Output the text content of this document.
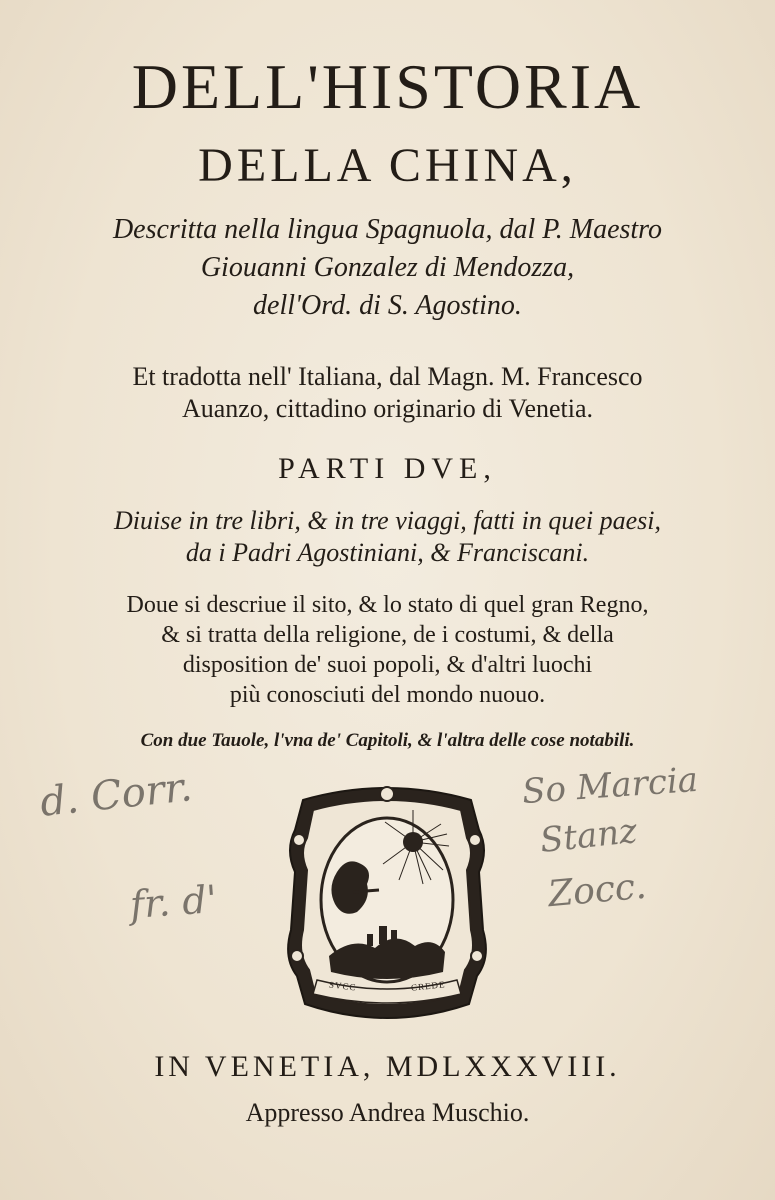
DELL'HISTORIA
DELLA CHINA,
Descritta nella lingua Spagnuola, dal P. Maestro
Giouanni Gonzalez di Mendozza,
dell'Ord. di S. Agostino.
Et tradotta nell' Italiana, dal Magn. M. Francesco
Auanzo, cittadino originario di Venetia.
PARTI DVE,
Diuise in tre libri, & in tre viaggi, fatti in quei paesi,
da i Padri Agostiniani, & Franciscani.
Doue si descriue il sito, & lo stato di quel gran Regno,
& si tratta della religione, de i costumi, & della
disposition de' suoi popoli, & d'altri luochi
più conosciuti del mondo nuouo.
Con due Tauole, l'vna de' Capitoli, & l'altra delle cose notabili.
d. Corr.
fr. d'
So Marcia
Stanz
Zocc.
SVCC	CREDE
IN VENETIA, MDLXXXVIII.
Appresso Andrea Muschio.
